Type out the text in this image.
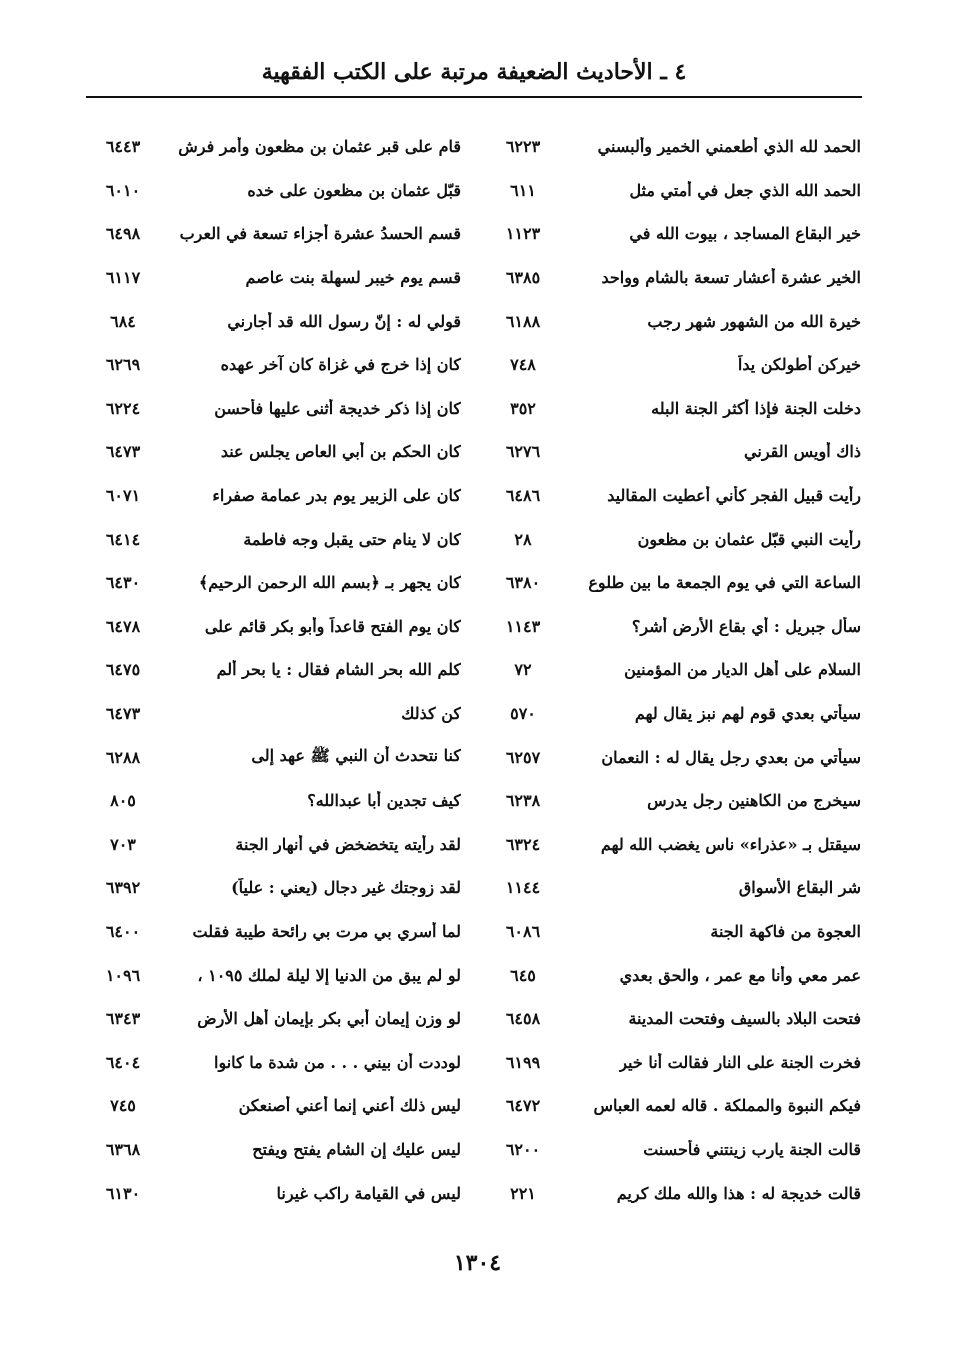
٤ ـ الأحاديث الضعيفة مرتبة على الكتب الفقهية
الحمد لله الذي أطعمني الخمير وألبسني
٦٢٢٣
الحمد الله الذي جعل في أمتي مثل
٦١١
خير البقاع المساجد ، بيوت الله في
١١٢٣
الخير عشرة أعشار تسعة بالشام وواحد
٦٣٨٥
خيرة الله من الشهور شهر رجب
٦١٨٨
خيركن أطولكن يداً
٧٤٨
دخلت الجنة فإذا أكثر الجنة البله
٣٥٢
ذاك أويس القرني
٦٢٧٦
رأيت قبيل الفجر كأني أعطيت المقاليد
٦٤٨٦
رأيت النبي قبّل عثمان بن مظعون
٢٨
الساعة التي في يوم الجمعة ما بين طلوع
٦٣٨٠
سأل جبريل : أي بقاع الأرض أشر؟
١١٤٣
السلام على أهل الديار من المؤمنين
٧٢
سيأتي بعدي قوم لهم نبز يقال لهم
٥٧٠
سيأتي من بعدي رجل يقال له : النعمان
٦٢٥٧
سيخرج من الكاهنين رجل يدرس
٦٢٣٨
سيقتل بـ «عذراء» ناس يغضب الله لهم
٦٣٢٤
شر البقاع الأسواق
١١٤٤
العجوة من فاكهة الجنة
٦٠٨٦
عمر معي وأنا مع عمر ، والحق بعدي
٦٤٥
فتحت البلاد بالسيف وفتحت المدينة
٦٤٥٨
فخرت الجنة على النار فقالت أنا خير
٦١٩٩
فيكم النبوة والمملكة . قاله لعمه العباس
٦٤٧٢
قالت الجنة يارب زينتني فأحسنت
٦٢٠٠
قالت خديجة له : هذا والله ملك كريم
٢٢١
قام على قبر عثمان بن مظعون وأمر فرش
٦٤٤٣
قبّل عثمان بن مظعون على خده
٦٠١٠
قسم الحسدُ عشرة أجزاء تسعة في العرب
٦٤٩٨
قسم يوم خيبر لسهلة بنت عاصم
٦١١٧
قولي له : إنّ رسول الله قد أجارني
٦٨٤
كان إذا خرج في غزاة كان آخر عهده
٦٢٦٩
كان إذا ذكر خديجة أثنى عليها فأحسن
٦٢٢٤
كان الحكم بن أبي العاص يجلس عند
٦٤٧٣
كان على الزبير يوم بدر عمامة صفراء
٦٠٧١
كان لا ينام حتى يقبل وجه فاطمة
٦٤١٤
كان يجهر بـ ﴿بسم الله الرحمن الرحيم﴾
٦٤٣٠
كان يوم الفتح قاعداً وأبو بكر قائم على
٦٤٧٨
كلم الله بحر الشام فقال : يا بحر ألم
٦٤٧٥
كن كذلك
٦٤٧٣
كنا نتحدث أن النبي ﷺ عهد إلى
٦٢٨٨
كيف تجدين أبا عبدالله؟
٨٠٥
لقد رأيته يتخضخض في أنهار الجنة
٧٠٣
لقد زوجتك غير دجال (يعني : علياً)
٦٣٩٢
لما أسري بي مرت بي رائحة طيبة فقلت
٦٤٠٠
لو لم يبق من الدنيا إلا ليلة لملك ١٠٩٥ ،
١٠٩٦
لو وزن إيمان أبي بكر بإيمان أهل الأرض
٦٣٤٣
لوددت أن بيني . . . من شدة ما كانوا
٦٤٠٤
ليس ذلك أعني إنما أعني أصنعكن
٧٤٥
ليس عليك إن الشام يفتح ويفتح
٦٣٦٨
ليس في القيامة راكب غيرنا
٦١٣٠
١٣٠٤
